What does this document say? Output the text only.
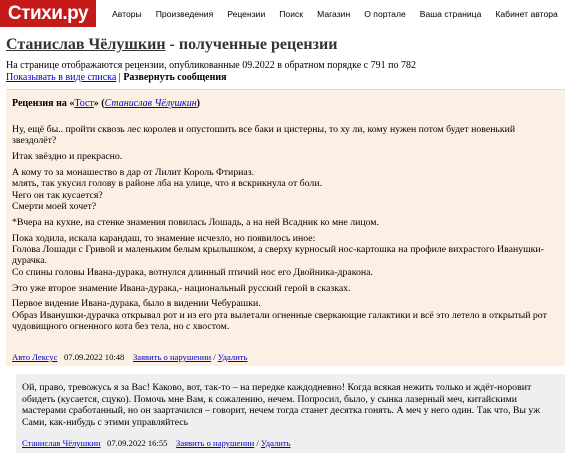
Стихи.ру	Авторы Произведения Рецензии Поиск Магазин О портале Ваша страница Кабинет автора
Станислав Чёлушкин - полученные рецензии
На странице отображаются рецензии, опубликованные 09.2022 в обратном порядке с 791 по 782
Показывать в виде списка | Развернуть сообщения
Рецензия на «Тост» (Станислав Чёлушкин)

Ну, ещё бы.. пройти сквозь лес королев и опустошить все баки и цистерны, то ху ли, кому нужен потом будет новенький звездолёт?

Итак звёздно и прекрасно.

А кому то за монашество в дар от Лилит Король Фтириаз.
млять, так укусил голову в районе лба на улице, что я вскрикнула от боли.
Чего он так кусается?
Смерти моей хочет?

*Вчера на кухне, на стенке знамения повилась Лошадь, а на ней Всадник ко мне лицом.

Пока ходила, искала карандаш, то знамение исчезло, но появилось иное:
Голова Лошади с Гривой и маленьким белым крылышком, а сверху курносый нос-картошка на профиле вихрастого Иванушки-дурачка.
Со спины головы Ивана-дурака, вотнулся длинный птичий нос его Двойника-дракона.

Это уже второе знамение Ивана-дурака,- национальный русский герой в сказках.

Первое видение Ивана-дурака, было в видении Чебурашки.
Образ Иванушки-дурачка открывал рот и из его рта вылетали огненные сверкающие галактики и всё это летело в открытый рот чудовищного огненного кота без тела, но с хвостом.

Авто Лексус 07.09.2022 10:48 Заявить о нарушении / Удалить
Ой, право, тревожусь я за Вас! Каково, вот, так-то – на передке каждодневно! Когда всякая нежить только и ждёт-норовит обидеть (кусается, сцуко). Помочь мне Вам, к сожалению, нечем. Попросил, было, у сынка лазерный меч, китайскими мастерами сработанный, но он заартачился – говорит, нечем тогда станет десятка гонять. А меч у него один. Так что, Вы уж Сами, как-нибудь с этими управляйтесь
Станислав Чёлушкин 07.09.2022 16:55 Заявить о нарушении / Удалить
